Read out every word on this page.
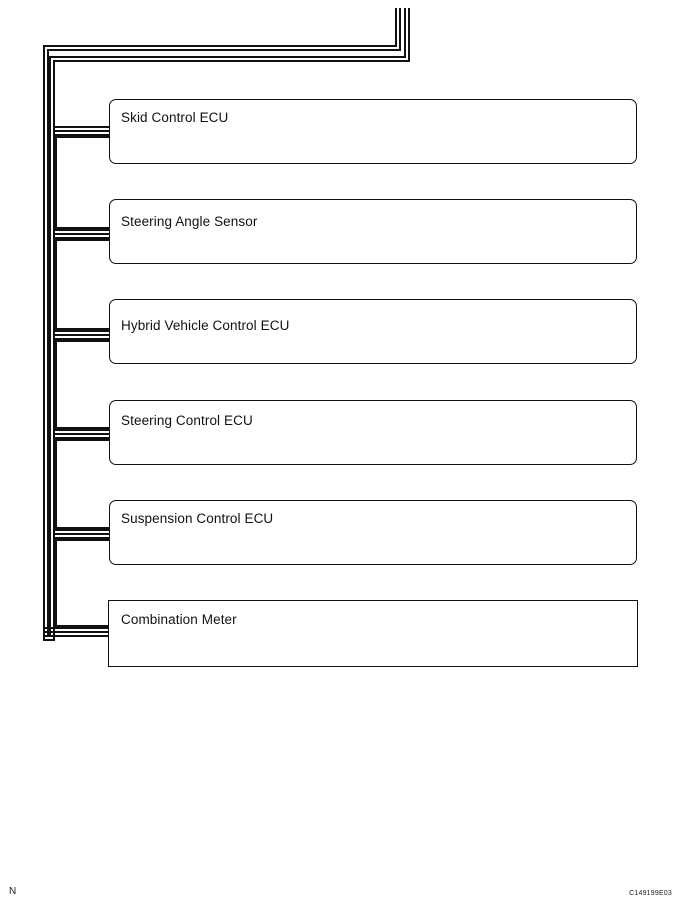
Skid Control ECU
Steering Angle Sensor
Hybrid Vehicle Control ECU
Steering Control ECU
Suspension Control ECU
Combination Meter
N	C149199E03
